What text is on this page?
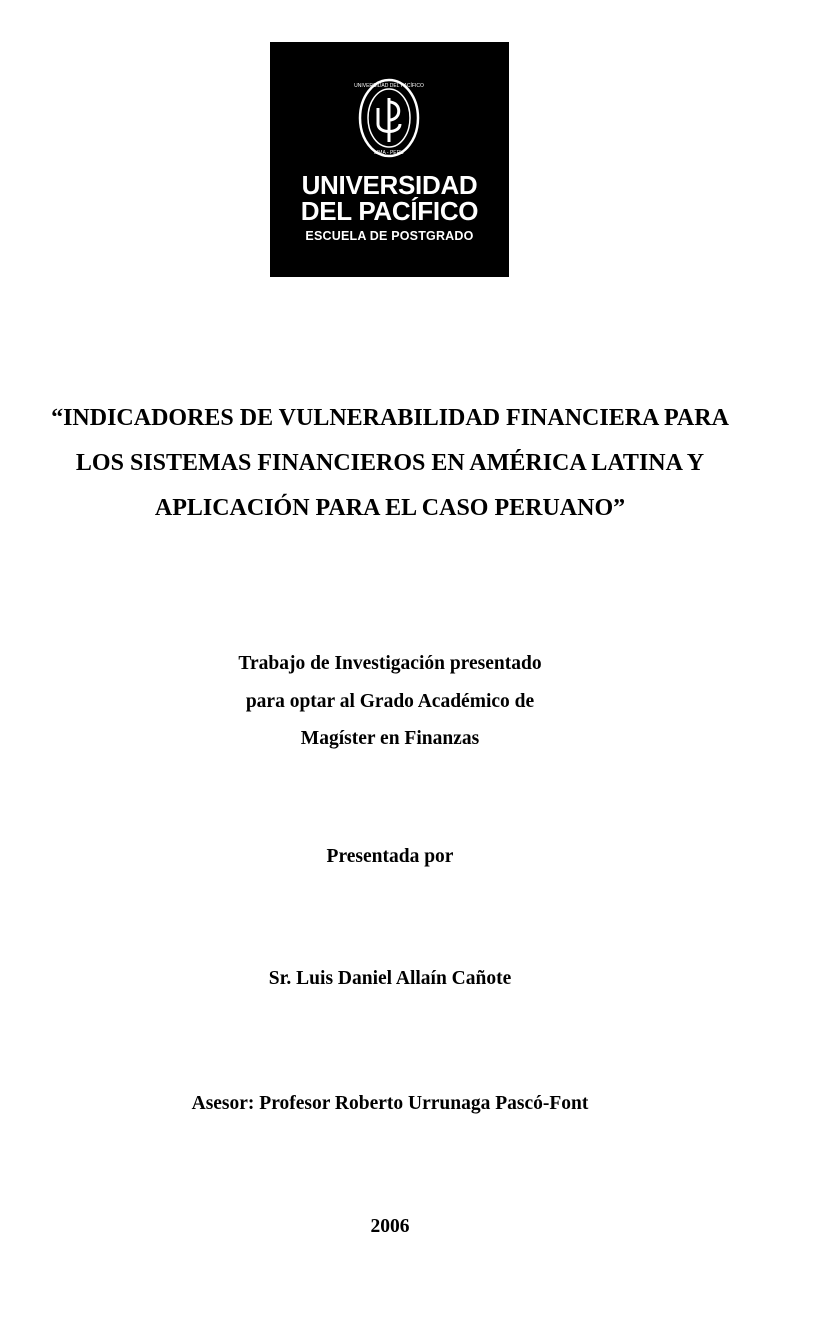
UNIVERSIDAD DEL PACÍFICO
LIMA - PERU
UNIVERSIDAD
DEL PACÍFICO
ESCUELA DE POSTGRADO
“INDICADORES DE VULNERABILIDAD FINANCIERA PARA
LOS SISTEMAS FINANCIEROS EN AMÉRICA LATINA Y
APLICACIÓN PARA EL CASO PERUANO”
Trabajo de Investigación presentado
para optar al Grado Académico de
Magíster en Finanzas
Presentada por
Sr. Luis Daniel Allaín Cañote
Asesor: Profesor Roberto Urrunaga Pascó-Font
2006
